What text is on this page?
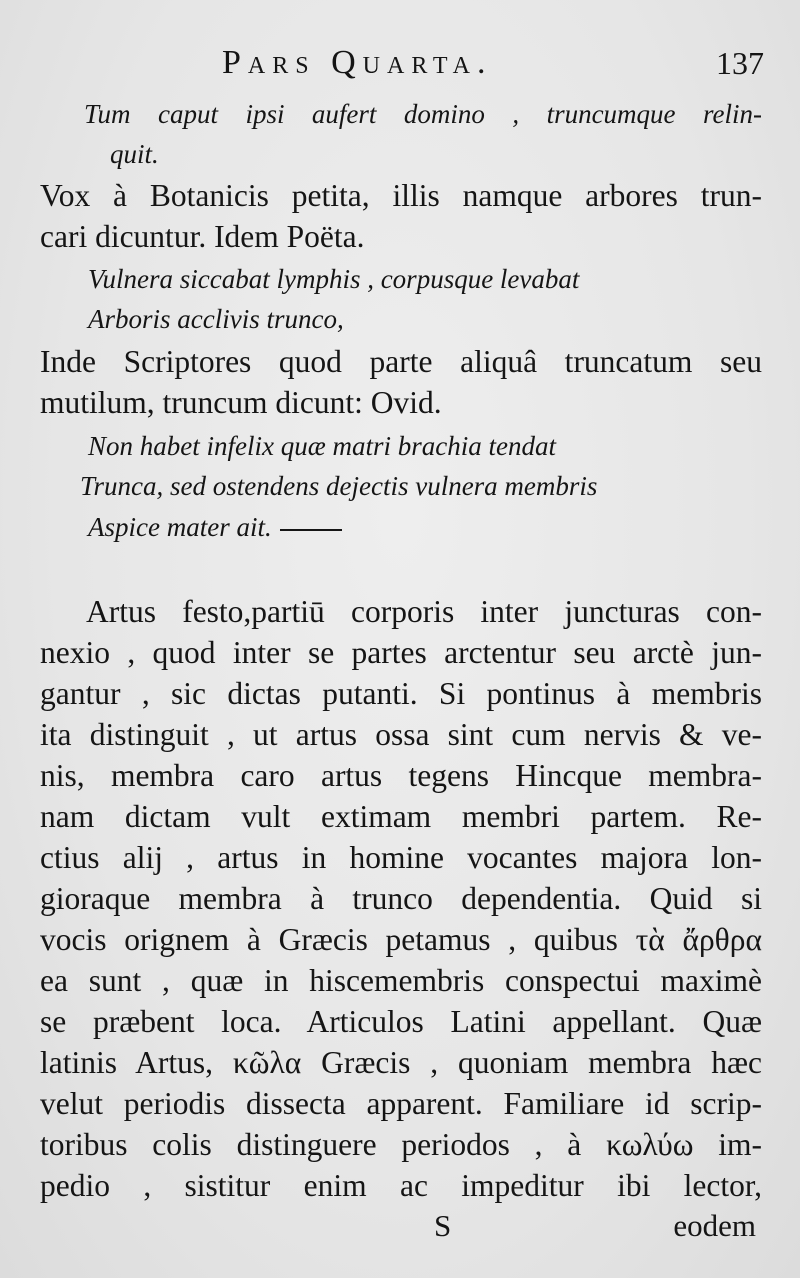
Pars Quarta.	137
Tum caput ipsi aufert domino , truncumque relin-
quit.
Vox à Botanicis petita, illis namque arbores trun-
cari dicuntur. Idem Poëta.
Vulnera siccabat lymphis , corpusque levabat
Arboris acclivis trunco,
Inde Scriptores quod parte aliquâ truncatum seu
mutilum, truncum dicunt: Ovid.
Non habet infelix quæ matri brachia tendat
Trunca, sed ostendens dejectis vulnera membris
Aspice mater ait.
Artus festo,partiū corporis inter juncturas con-
nexio , quod inter se partes arctentur seu arctè jun-
gantur , sic dictas putanti. Si pontinus à membris
ita distinguit , ut artus ossa sint cum nervis & ve-
nis, membra caro artus tegens Hincque membra-
nam dictam vult extimam membri partem. Re-
ctius alij , artus in homine vocantes majora lon-
gioraque membra à trunco dependentia. Quid si
vocis orignem à Græcis petamus , quibus τὰ ἄρθρα
ea sunt , quæ in hiscemembris conspectui maximè
se præbent loca. Articulos Latini appellant. Quæ
latinis Artus, κῶλα Græcis , quoniam membra hæc
velut periodis dissecta apparent. Familiare id scrip-
toribus colis distinguere periodos , à κωλύω im-
pedio , sistitur enim ac impeditur ibi lector,
S	eodem
